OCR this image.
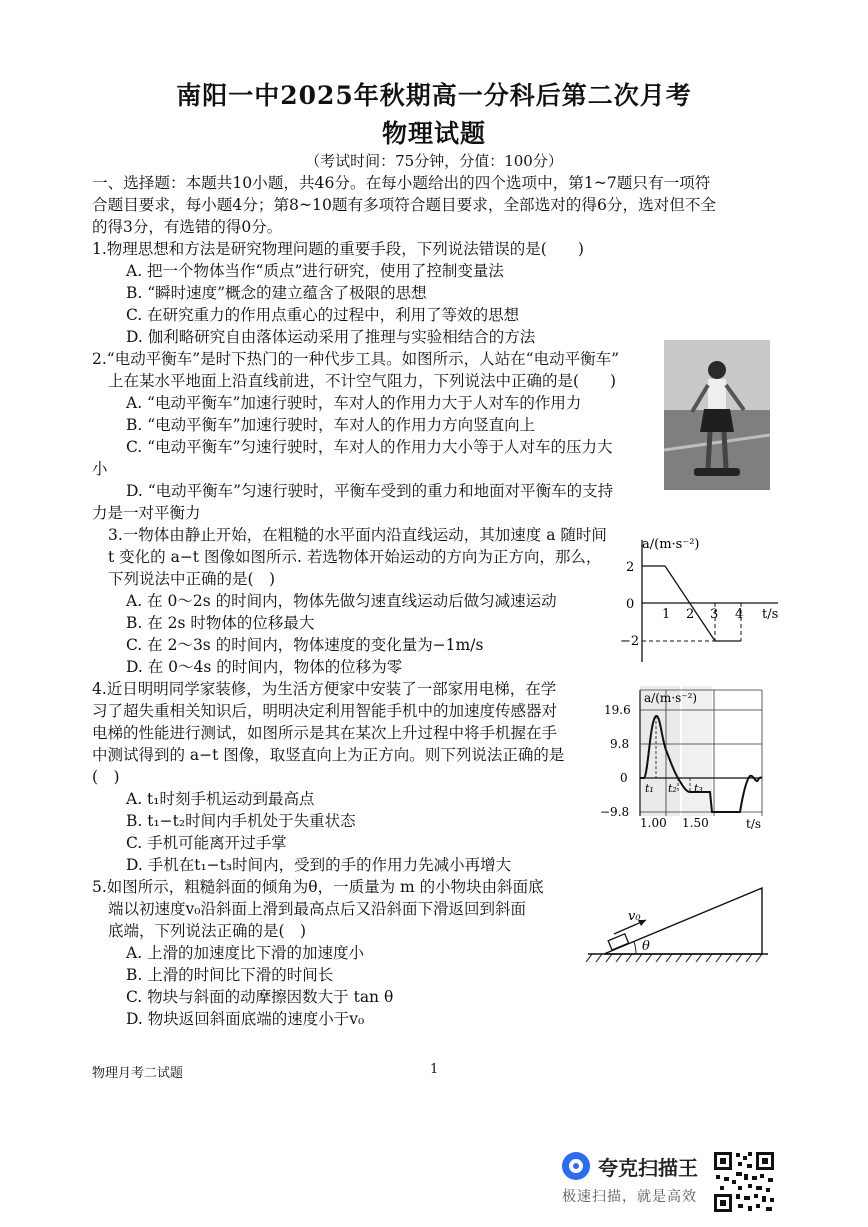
南阳一中2025年秋期高一分科后第二次月考
物理试题
（考试时间：75分钟，分值：100分）
一、选择题：本题共10小题，共46分。在每小题给出的四个选项中，第1~7题只有一项符
合题目要求，每小题4分；第8~10题有多项符合题目要求，全部选对的得6分，选对但不全
的得3分，有选错的得0分。
1.物理思想和方法是研究物理问题的重要手段，下列说法错误的是(　　)
A. 把一个物体当作“质点”进行研究，使用了控制变量法
B. “瞬时速度”概念的建立蕴含了极限的思想
C. 在研究重力的作用点重心的过程中，利用了等效的思想
D. 伽利略研究自由落体运动采用了推理与实验相结合的方法
2.“电动平衡车”是时下热门的一种代步工具。如图所示，人站在“电动平衡车”
上在某水平地面上沿直线前进，不计空气阻力，下列说法中正确的是(　　)
A. “电动平衡车”加速行驶时，车对人的作用力大于人对车的作用力
B. “电动平衡车”加速行驶时，车对人的作用力方向竖直向上
C. “电动平衡车”匀速行驶时，车对人的作用力大小等于人对车的压力大
小
D. “电动平衡车”匀速行驶时，平衡车受到的重力和地面对平衡车的支持
力是一对平衡力
3.一物体由静止开始，在粗糙的水平面内沿直线运动，其加速度 a 随时间
t 变化的 a−t 图像如图所示. 若选物体开始运动的方向为正方向，那么，
下列说法中正确的是(　)
A. 在 0～2s 的时间内，物体先做匀速直线运动后做匀减速运动
B. 在 2s 时物体的位移最大
C. 在 2～3s 的时间内，物体速度的变化量为−1m/s
D. 在 0～4s 的时间内，物体的位移为零
a/(m·s⁻²)
t/s
2
0
−2
1 2 3 4
4.近日明明同学家装修，为生活方便家中安装了一部家用电梯，在学
习了超失重相关知识后，明明决定利用智能手机中的加速度传感器对
电梯的性能进行测试，如图所示是其在某次上升过程中将手机握在手
中测试得到的 a−t 图像，取竖直向上为正方向。则下列说法正确的是
(　)
A. t₁时刻手机运动到最高点
B. t₁−t₂时间内手机处于失重状态
C. 手机可能离开过手掌
D. 手机在t₁−t₃时间内，受到的手的作用力先减小再增大
a/(m·s⁻²)
t/s
19.6
9.8
0
−9.8
1.00 1.50
t₁ t₂ t₃
5.如图所示，粗糙斜面的倾角为θ，一质量为 m 的小物块由斜面底
端以初速度v₀沿斜面上滑到最高点后又沿斜面下滑返回到斜面
底端，下列说法正确的是(　)
A. 上滑的加速度比下滑的加速度小
B. 上滑的时间比下滑的时间长
C. 物块与斜面的动摩擦因数大于 tan θ
D. 物块返回斜面底端的速度小于v₀
v₀
θ
物理月考二试题	1
夸克扫描王
极速扫描，就是高效
